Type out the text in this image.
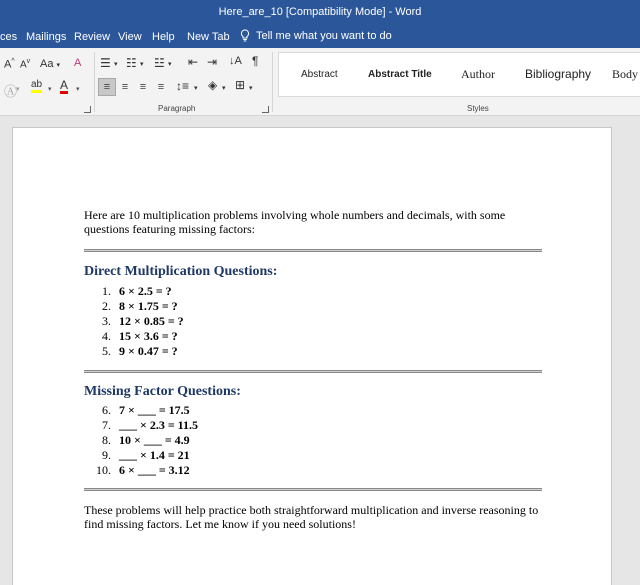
Here_are_10 [Compatibility Mode] - Word
ces Mailings Review View Help New Tab Tell me what you want to do
A^ $A^v$ Aa ▾ A
Ⓐ
▾ ab ▾ A ▾
☰ ▾ ☷ ▾ ☳ ▾ ⇤ ⇥ ↓A ¶
≡	≡	≡	≡ ↕≡ ▾ ◈ ▾ ⊞ ▾
Paragraph
Abstract	Abstract Title Author	Bibliography Body
Styles

Here are 10 multiplication problems involving whole numbers and decimals, with some questions featuring missing factors:

Direct Multiplication Questions:
1. 6 × 2.5 = ?
2. 8 × 1.75 = ?
3. 12 × 0.85 = ?
4. 15 × 3.6 = ?
5. 9 × 0.47 = ?
Missing Factor Questions:
6. 7 × ___ = 17.5
7. ___ × 2.3 = 11.5
8. 10 × ___ = 4.9
9. ___ × 1.4 = 21
10. 6 × ___ = 3.12

These problems will help practice both straightforward multiplication and inverse reasoning to find missing factors. Let me know if you need solutions!
